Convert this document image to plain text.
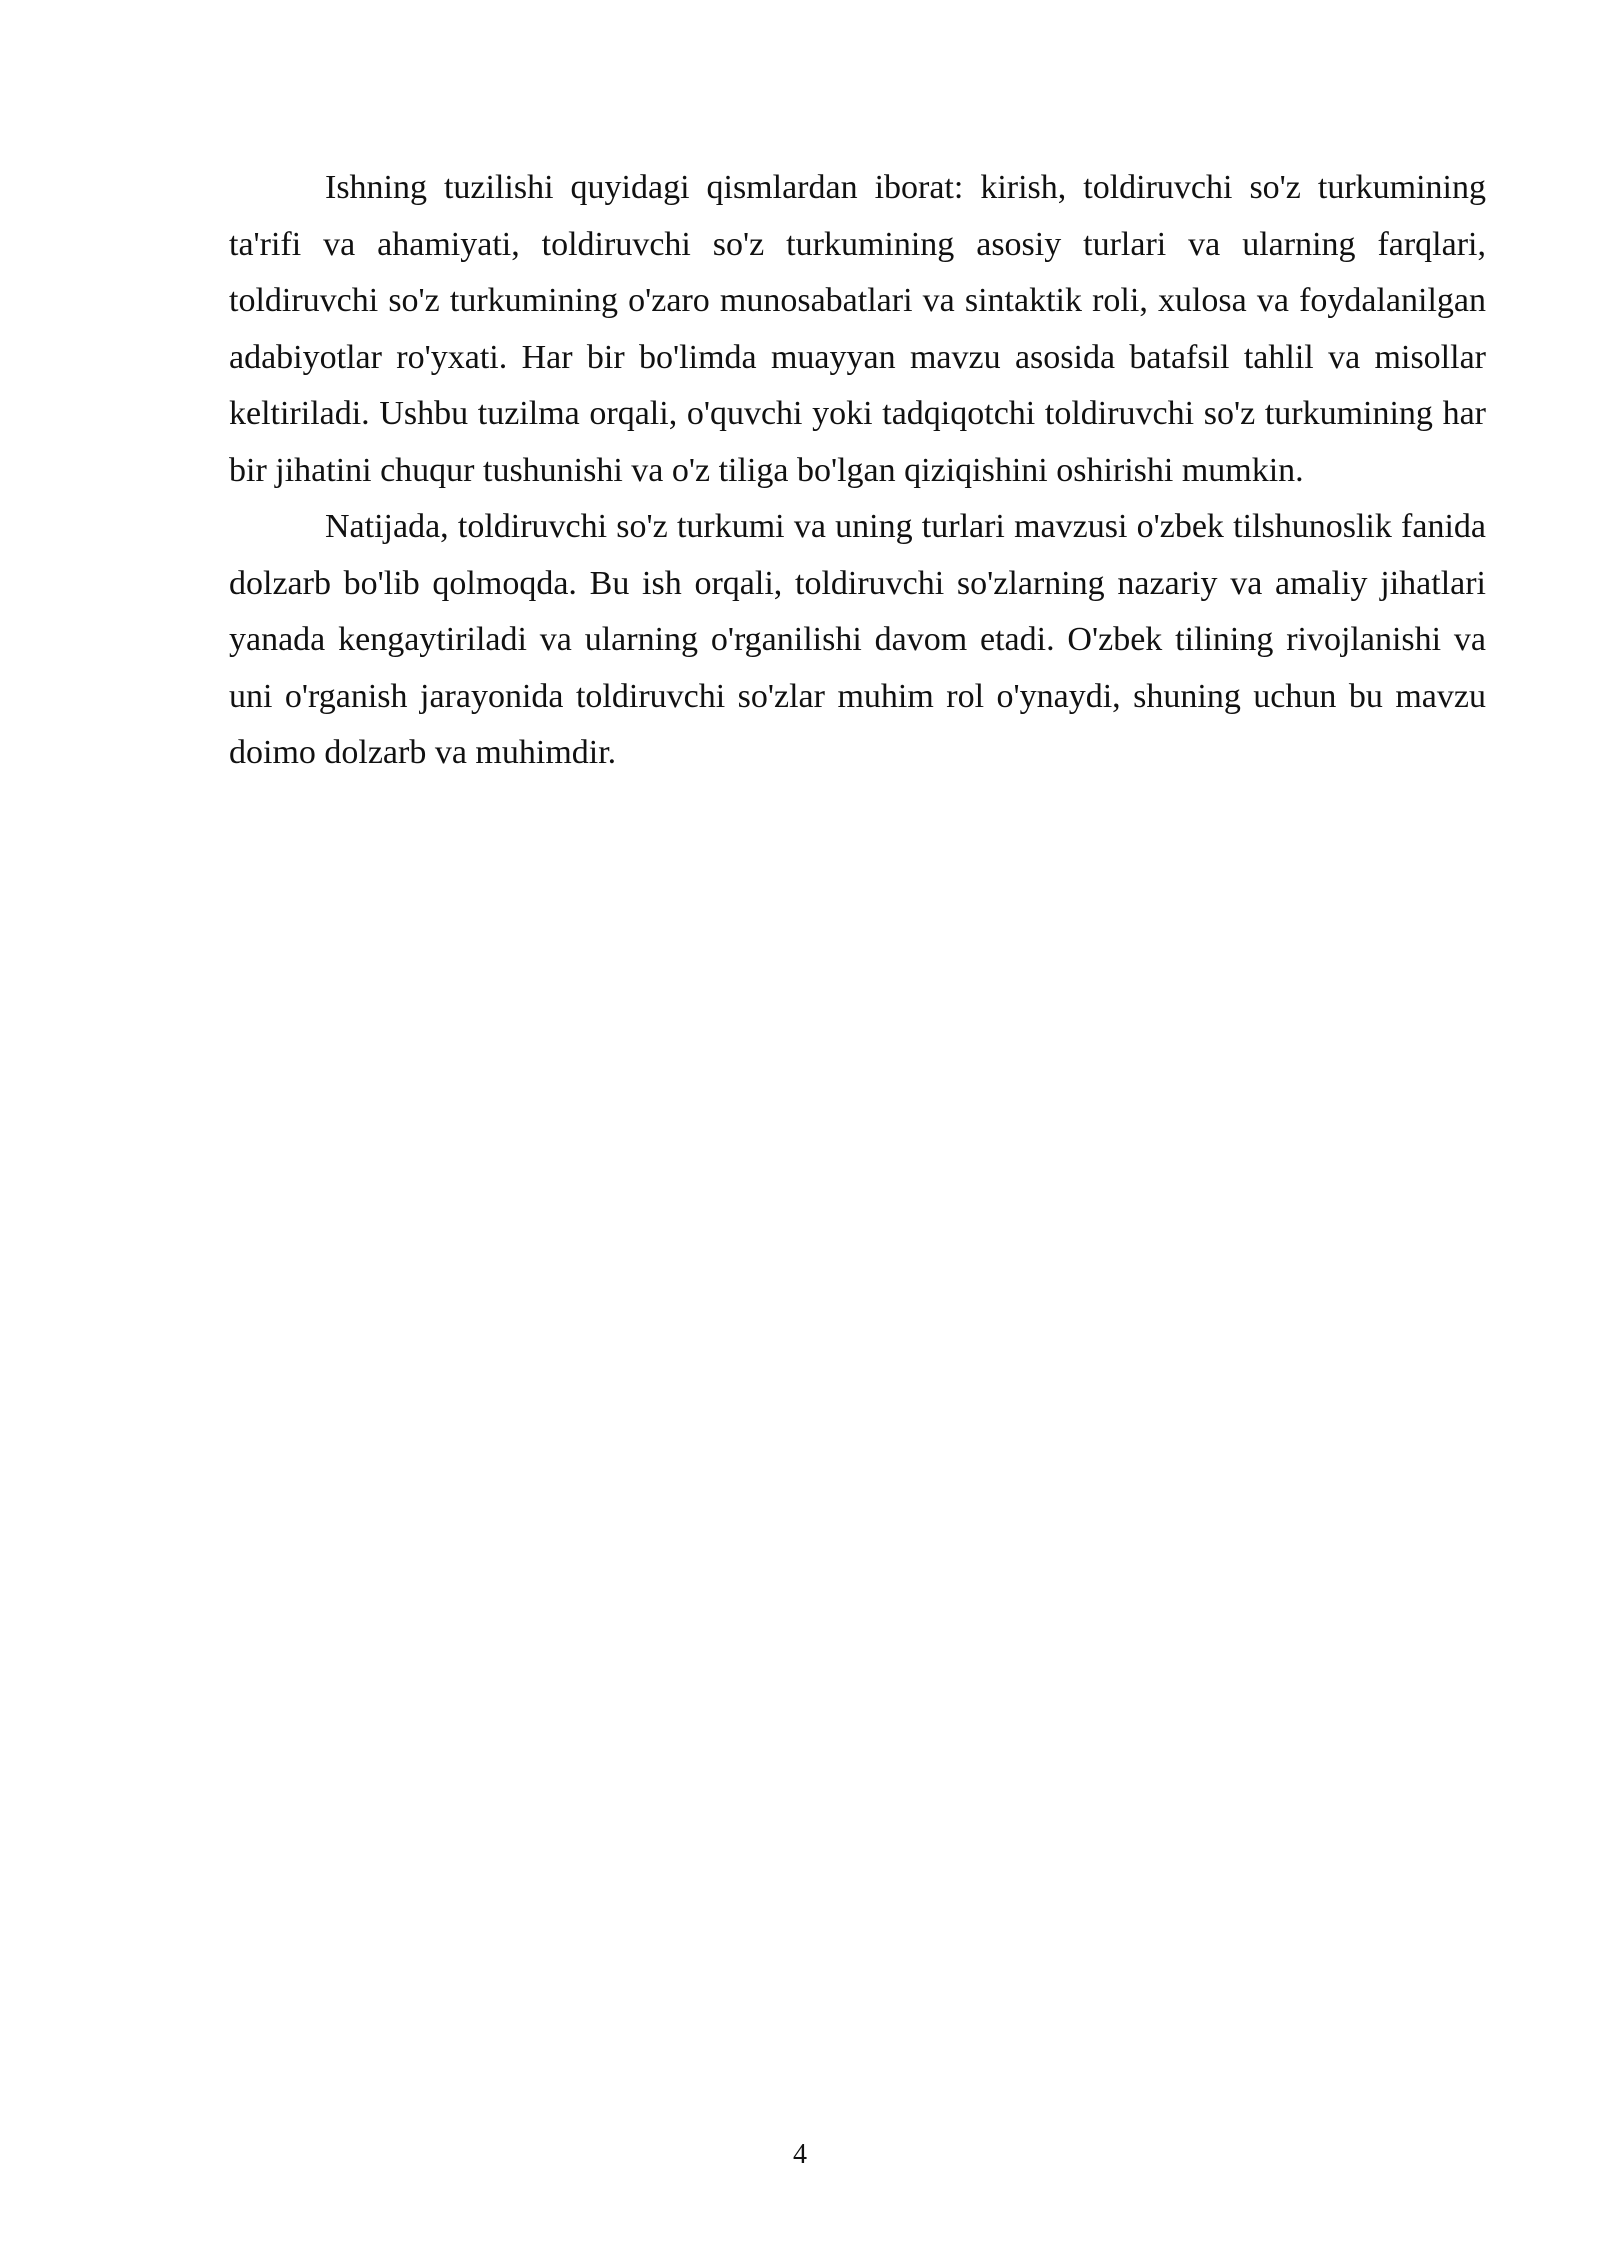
Ishning tuzilishi quyidagi qismlardan iborat: kirish, toldiruvchi so'z turkumining ta'rifi va ahamiyati, toldiruvchi so'z turkumining asosiy turlari va ularning farqlari, toldiruvchi so'z turkumining o'zaro munosabatlari va sintaktik roli, xulosa va foydalanilgan adabiyotlar ro'yxati. Har bir bo'limda muayyan mavzu asosida batafsil tahlil va misollar keltiriladi. Ushbu tuzilma orqali, o'quvchi yoki tadqiqotchi toldiruvchi so'z turkumining har bir jihatini chuqur tushunishi va o'z tiliga bo'lgan qiziqishini oshirishi mumkin.

Natijada, toldiruvchi so'z turkumi va uning turlari mavzusi o'zbek tilshunoslik fanida dolzarb bo'lib qolmoqda. Bu ish orqali, toldiruvchi so'zlarning nazariy va amaliy jihatlari yanada kengaytiriladi va ularning o'rganilishi davom etadi. O'zbek tilining rivojlanishi va uni o'rganish jarayonida toldiruvchi so'zlar muhim rol o'ynaydi, shuning uchun bu mavzu doimo dolzarb va muhimdir.

4
